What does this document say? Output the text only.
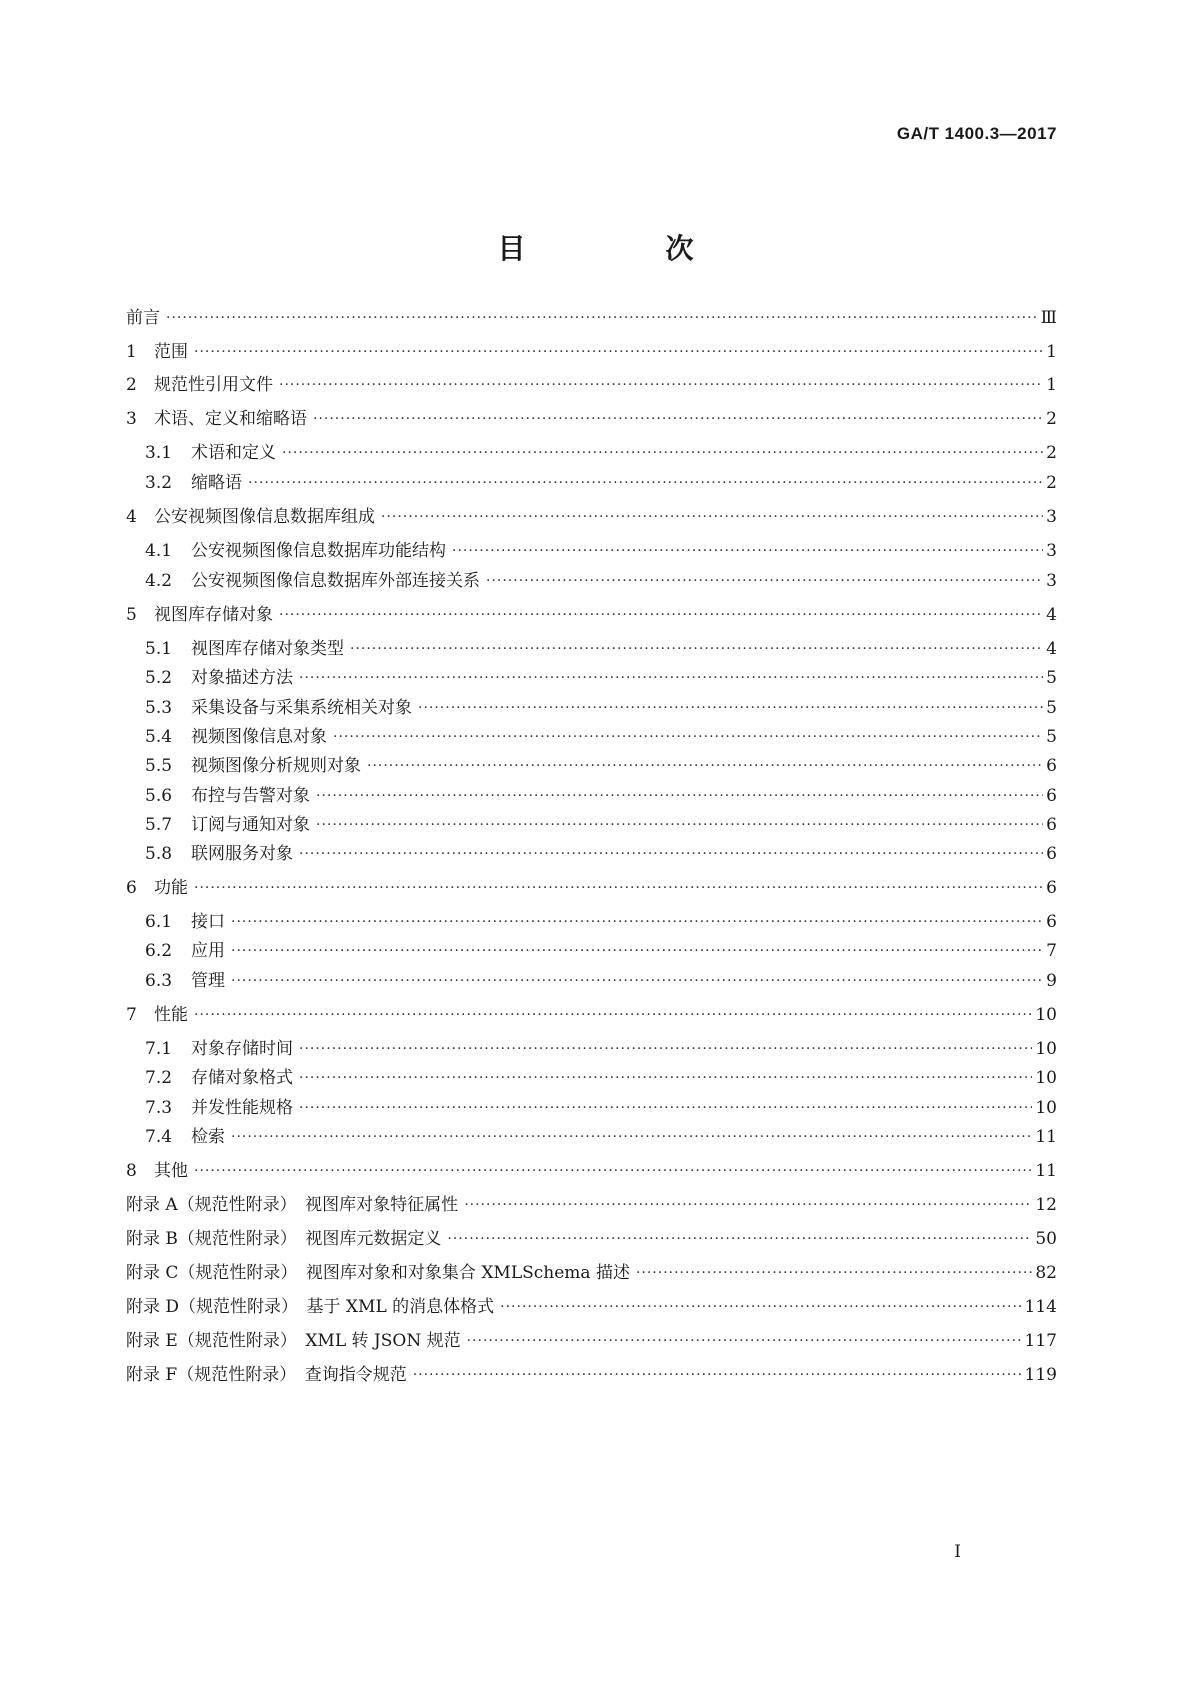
GA/T 1400.3—2017
目　次
前言 ·····	Ⅲ
1	范围 ·····	1
2	规范性引用文件 ·····	1
3	术语、定义和缩略语 ·····	2
3.1	术语和定义 ·····	2
3.2	缩略语 ·····	2
4	公安视频图像信息数据库组成 ·····	3
4.1	公安视频图像信息数据库功能结构 ·····	3
4.2	公安视频图像信息数据库外部连接关系 ·····	3
5	视图库存储对象 ·····	4
5.1	视图库存储对象类型 ·····	4
5.2	对象描述方法 ·····	5
5.3	采集设备与采集系统相关对象 ·····	5
5.4	视频图像信息对象 ·····	5
5.5	视频图像分析规则对象 ·····	6
5.6	布控与告警对象 ·····	6
5.7	订阅与通知对象 ·····	6
5.8	联网服务对象 ·····	6
6	功能 ·····	6
6.1	接口 ·····	6
6.2	应用 ·····	7
6.3	管理 ·····	9
7	性能 ·····	10
7.1	对象存储时间 ·····	10
7.2	存储对象格式 ·····	10
7.3	并发性能规格 ·····	10
7.4	检索 ·····	11
8	其他 ·····	11
附录 A（规范性附录）　视图库对象特征属性 ·····	12
附录 B（规范性附录）　视图库元数据定义 ·····	50
附录 C（规范性附录）　视图库对象和对象集合 XMLSchema 描述 ·····	82
附录 D（规范性附录）　基于 XML 的消息体格式 ·····	114
附录 E（规范性附录）　XML 转 JSON 规范 ·····	117
附录 F（规范性附录）　查询指令规范 ·····	119
I
